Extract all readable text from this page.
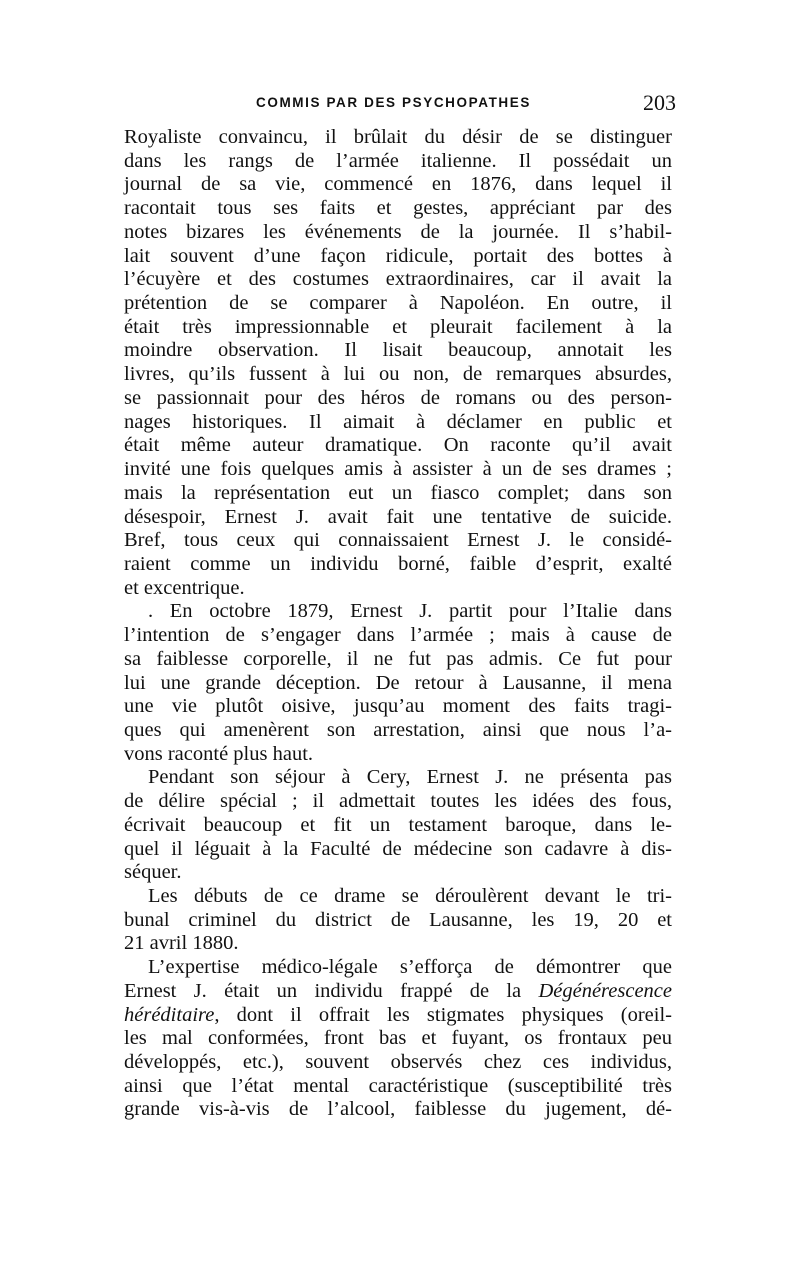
COMMIS PAR DES PSYCHOPATHES	203
Royaliste convaincu, il brûlait du désir de se distinguer
dans les rangs de l’armée italienne. Il possédait un
journal de sa vie, commencé en 1876, dans lequel il
racontait tous ses faits et gestes, appréciant par des
notes bizares les événements de la journée. Il s’habil-
lait souvent d’une façon ridicule, portait des bottes à
l’écuyère et des costumes extraordinaires, car il avait la
prétention de se comparer à Napoléon. En outre, il
était très impressionnable et pleurait facilement à la
moindre observation. Il lisait beaucoup, annotait les
livres, qu’ils fussent à lui ou non, de remarques absurdes,
se passionnait pour des héros de romans ou des person-
nages historiques. Il aimait à déclamer en public et
était même auteur dramatique. On raconte qu’il avait
invité une fois quelques amis à assister à un de ses drames ;
mais la représentation eut un fiasco complet; dans son
désespoir, Ernest J. avait fait une tentative de suicide.
Bref, tous ceux qui connaissaient Ernest J. le considé-
raient comme un individu borné, faible d’esprit, exalté
et excentrique.
. En octobre 1879, Ernest J. partit pour l’Italie dans
l’intention de s’engager dans l’armée ; mais à cause de
sa faiblesse corporelle, il ne fut pas admis. Ce fut pour
lui une grande déception. De retour à Lausanne, il mena
une vie plutôt oisive, jusqu’au moment des faits tragi-
ques qui amenèrent son arrestation, ainsi que nous l’a-
vons raconté plus haut.
Pendant son séjour à Cery, Ernest J. ne présenta pas
de délire spécial ; il admettait toutes les idées des fous,
écrivait beaucoup et fit un testament baroque, dans le-
quel il léguait à la Faculté de médecine son cadavre à dis-
séquer.
Les débuts de ce drame se déroulèrent devant le tri-
bunal criminel du district de Lausanne, les 19, 20 et
21 avril 1880.
L’expertise médico-légale s’efforça de démontrer que
Ernest J. était un individu frappé de la Dégénérescence
héréditaire, dont il offrait les stigmates physiques (oreil-
les mal conformées, front bas et fuyant, os frontaux peu
développés, etc.), souvent observés chez ces individus,
ainsi que l’état mental caractéristique (susceptibilité très
grande vis-à-vis de l’alcool, faiblesse du jugement, dé-
